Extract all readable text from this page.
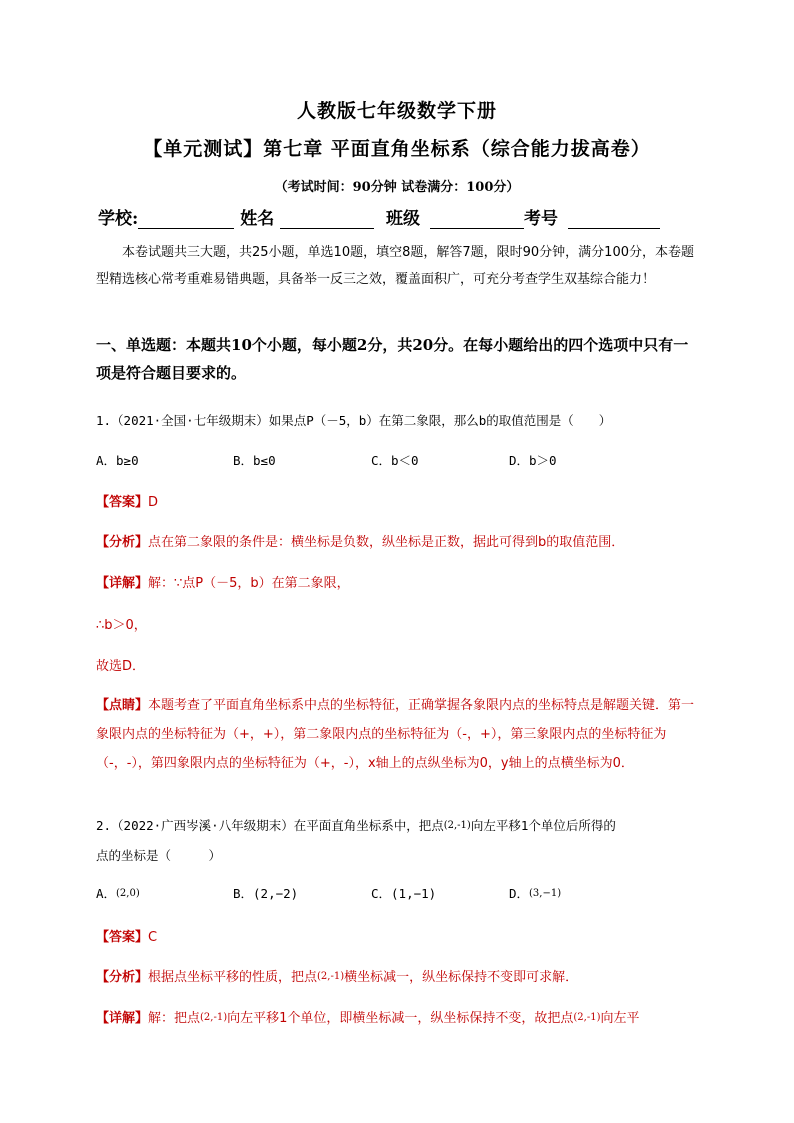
人教版七年级数学下册
【单元测试】第七章 平面直角坐标系（综合能力拔高卷）
（考试时间：90分钟 试卷满分：100分）
学校:	姓名	班级	考号
本卷试题共三大题，共25小题，单选10题，填空8题，解答7题，限时90分钟，满分100分，本卷题型精选核心常考重难易错典题，具备举一反三之效，覆盖面积广，可充分考查学生双基综合能力！
一、单选题：本题共10个小题，每小题2分，共20分。在每小题给出的四个选项中只有一项是符合题目要求的。
1.（2021·全国·七年级期末）如果点P（－5，b）在第二象限，那么b的取值范围是（　　）
A．b≥0	B．b≤0	C．b＜0	D．b＞0
【答案】D
【分析】点在第二象限的条件是：横坐标是负数，纵坐标是正数，据此可得到b的取值范围．
【详解】解：∵点P（－5，b）在第二象限，
∴b＞0，
故选D．
【点睛】本题考查了平面直角坐标系中点的坐标特征，正确掌握各象限内点的坐标特点是解题关键．第一象限内点的坐标特征为（+，+），第二象限内点的坐标特征为（-，+），第三象限内点的坐标特征为（-，-），第四象限内点的坐标特征为（+，-），x轴上的点纵坐标为0，y轴上的点横坐标为0．
2.（2022·广西岑溪·八年级期末）在平面直角坐标系中，把点(2,-1)向左平移1个单位后所得的
点的坐标是（　　　）
A．(2,0)	B．(2,−2)	C．(1,−1)	D．(3,−1)
【答案】C
【分析】根据点坐标平移的性质，把点(2,-1)横坐标减一，纵坐标保持不变即可求解．
【详解】解：把点(2,-1)向左平移1个单位，即横坐标减一，纵坐标保持不变，故把点(2,-1)向左平
